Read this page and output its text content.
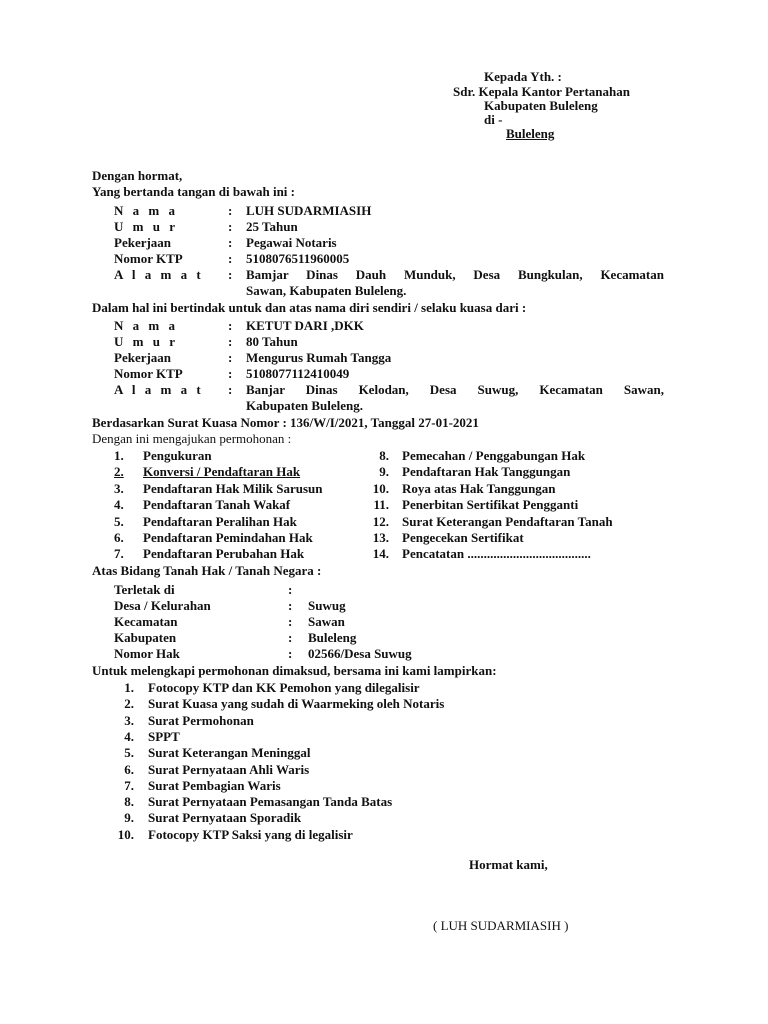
Kepada Yth. :
Sdr. Kepala Kantor Pertanahan
Kabupaten Buleleng
di -
Buleleng
Dengan hormat,
Yang bertanda tangan di bawah ini :
N a m a	: LUH SUDARMIASIH
U m u r	: 25 Tahun
Pekerjaan	: Pegawai Notaris
Nomor KTP	: 5108076511960005
A l a m a t : Bamjar Dinas Dauh Munduk, Desa Bungkulan, Kecamatan
Sawan, Kabupaten Buleleng.
Dalam hal ini bertindak untuk dan atas nama diri sendiri / selaku kuasa dari :
N a m a	: KETUT DARI ,DKK
U m u r	: 80 Tahun
Pekerjaan	: Mengurus Rumah Tangga
Nomor KTP	: 5108077112410049
A l a m a t : Banjar Dinas Kelodan, Desa Suwug, Kecamatan Sawan,
Kabupaten Buleleng.
Berdasarkan Surat Kuasa Nomor : 136/W/I/2021, Tanggal 27-01-2021
Dengan ini mengajukan permohonan :
1. Pengukuran
2. Konversi / Pendaftaran Hak
3. Pendaftaran Hak Milik Sarusun
4. Pendaftaran Tanah Wakaf
5. Pendaftaran Peralihan Hak
6. Pendaftaran Pemindahan Hak
7. Pendaftaran Perubahan Hak
8. Pemecahan / Penggabungan Hak
9. Pendaftaran Hak Tanggungan
10. Roya atas Hak Tanggungan
11. Penerbitan Sertifikat Pengganti
12. Surat Keterangan Pendaftaran Tanah
13. Pengecekan Sertifikat
14. Pencatatan ......................................
Atas Bidang Tanah Hak / Tanah Negara :
Terletak di	:
Desa / Kelurahan	: Suwug
Kecamatan	: Sawan
Kabupaten	: Buleleng
Nomor Hak	: 02566/Desa Suwug
Untuk melengkapi permohonan dimaksud, bersama ini kami lampirkan:
1. Fotocopy KTP dan KK Pemohon yang dilegalisir
2. Surat Kuasa yang sudah di Waarmeking oleh Notaris
3. Surat Permohonan
4. SPPT
5. Surat Keterangan Meninggal
6. Surat Pernyataan Ahli Waris
7. Surat Pembagian Waris
8. Surat Pernyataan Pemasangan Tanda Batas
9. Surat Pernyataan Sporadik
10. Fotocopy KTP Saksi yang di legalisir
Hormat kami,
( LUH SUDARMIASIH )
